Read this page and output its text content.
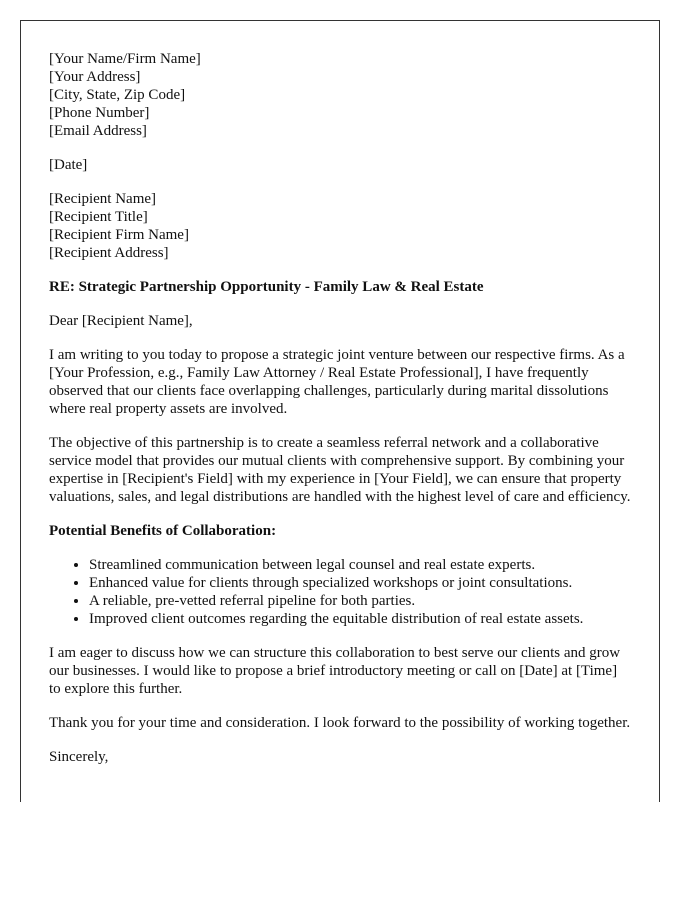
[Your Name/Firm Name]
[Your Address]
[City, State, Zip Code]
[Phone Number]
[Email Address]

[Date]

[Recipient Name]
[Recipient Title]
[Recipient Firm Name]
[Recipient Address]

RE: Strategic Partnership Opportunity - Family Law & Real Estate

Dear [Recipient Name],

I am writing to you today to propose a strategic joint venture between our respective firms. As a [Your Profession, e.g., Family Law Attorney / Real Estate Professional], I have frequently observed that our clients face overlapping challenges, particularly during marital dissolutions where real property assets are involved.

The objective of this partnership is to create a seamless referral network and a collaborative service model that provides our mutual clients with comprehensive support. By combining your expertise in [Recipient's Field] with my experience in [Your Field], we can ensure that property valuations, sales, and legal distributions are handled with the highest level of care and efficiency.

Potential Benefits of Collaboration:

• Streamlined communication between legal counsel and real estate experts.
• Enhanced value for clients through specialized workshops or joint consultations.
• A reliable, pre-vetted referral pipeline for both parties.
• Improved client outcomes regarding the equitable distribution of real estate assets.

I am eager to discuss how we can structure this collaboration to best serve our clients and grow our businesses. I would like to propose a brief introductory meeting or call on [Date] at [Time] to explore this further.

Thank you for your time and consideration. I look forward to the possibility of working together.

Sincerely,
